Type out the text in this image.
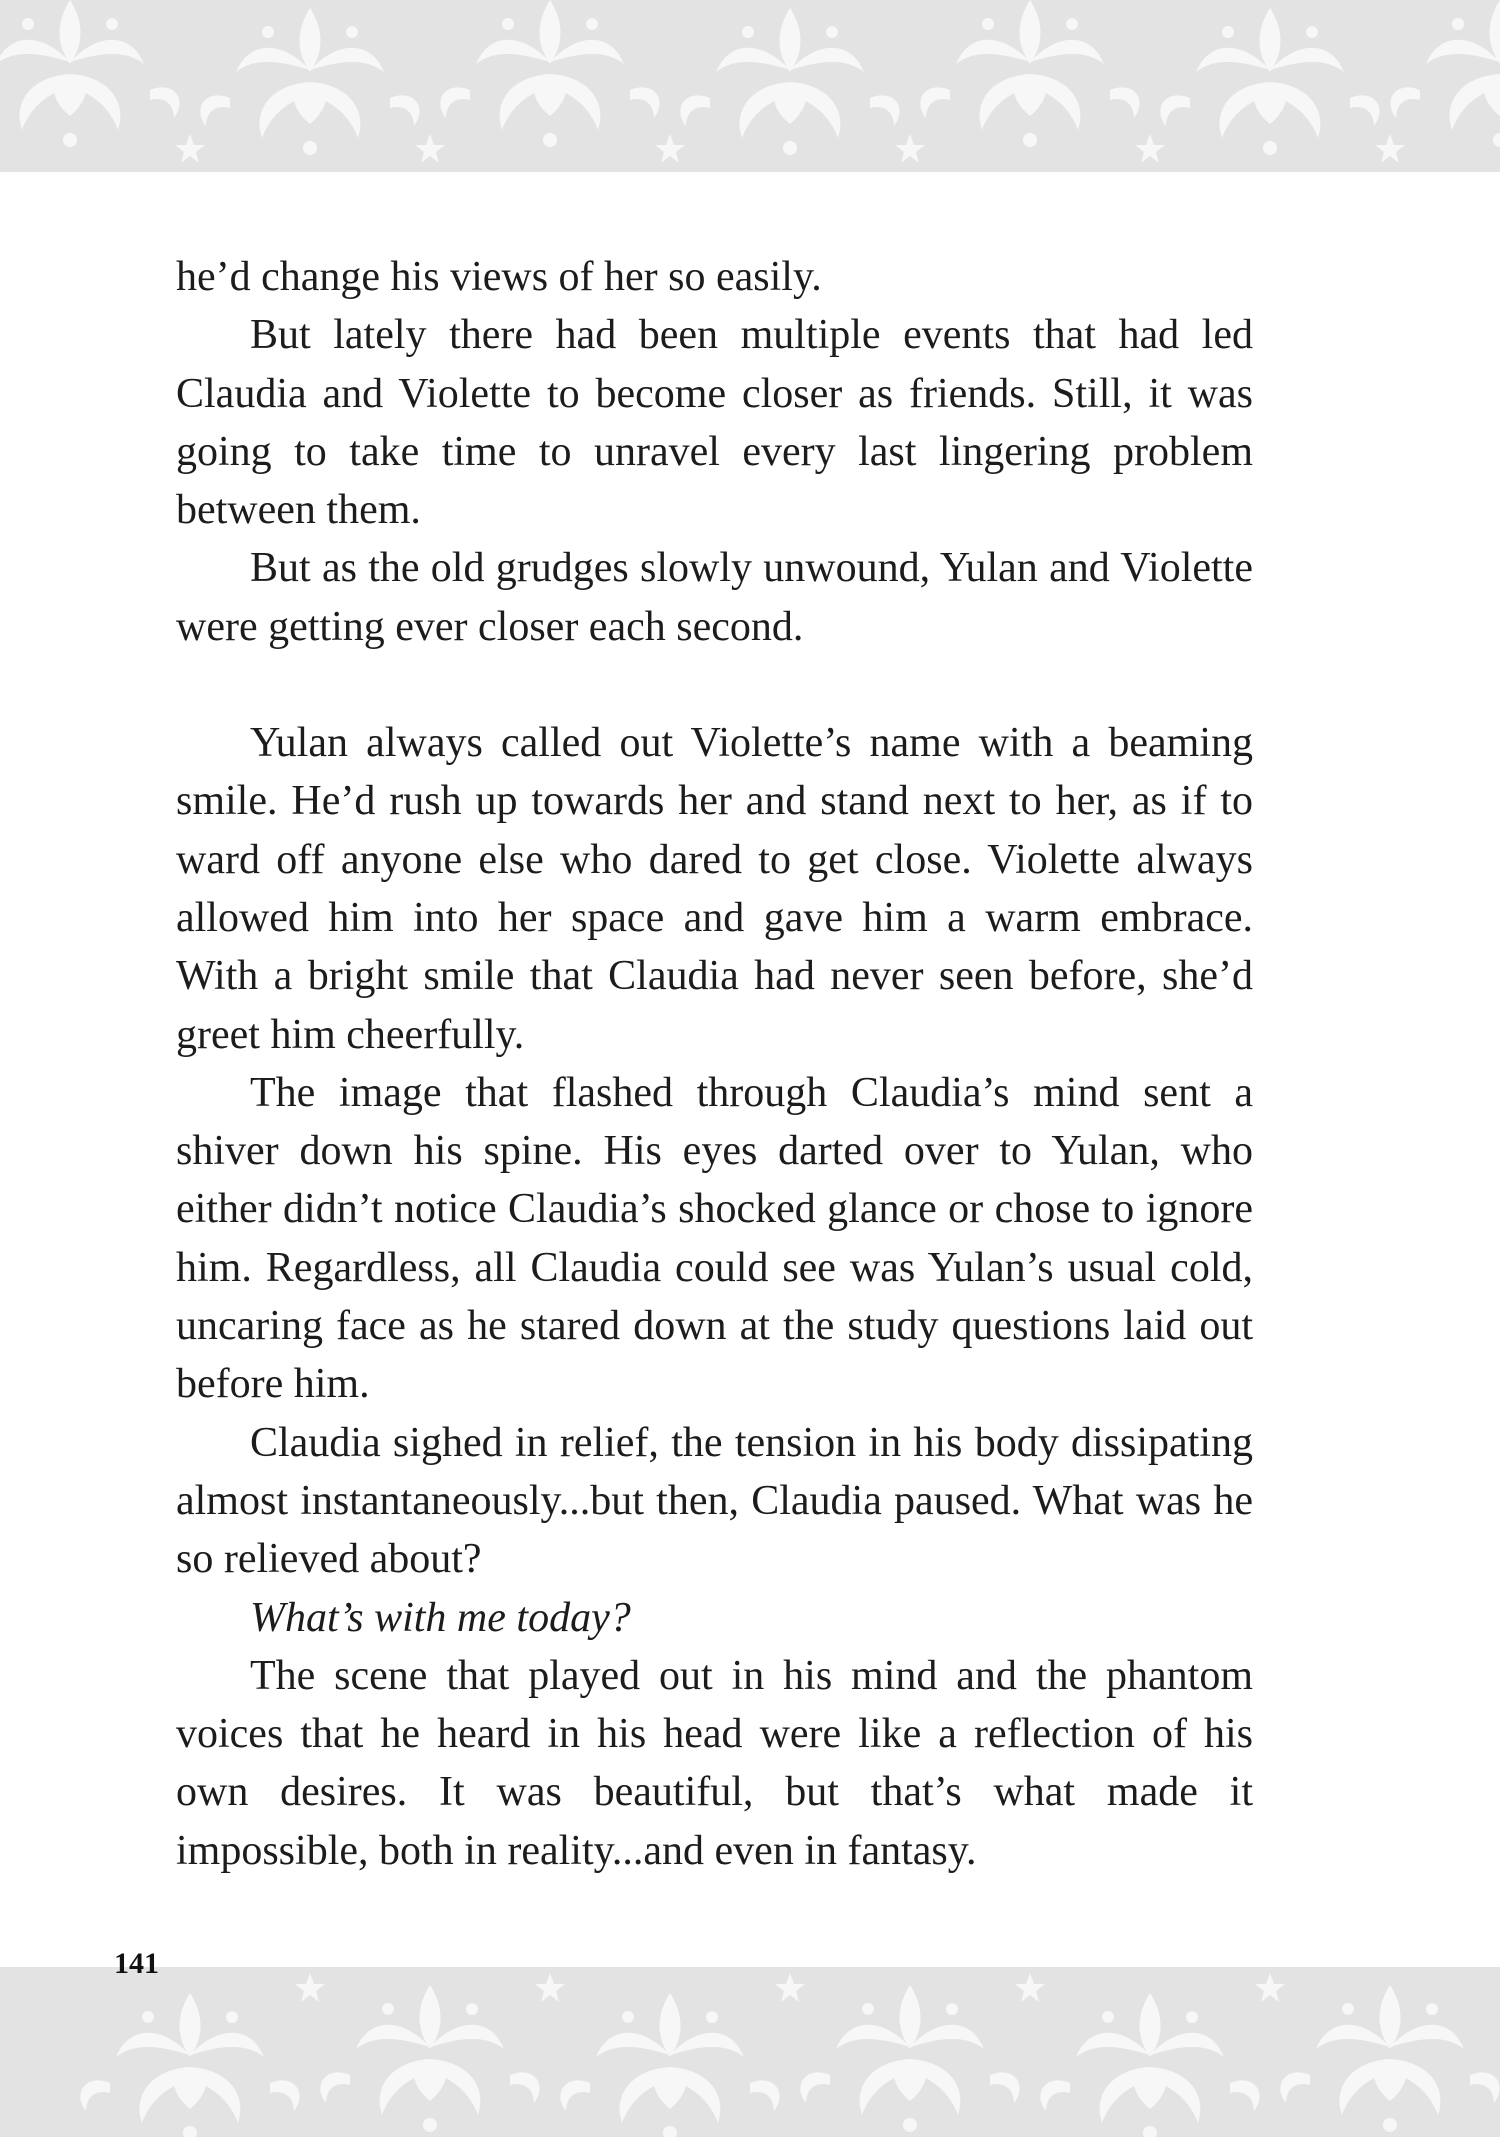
he’d change his views of her so easily.

But lately there had been multiple events that had led Claudia and Violette to become closer as friends. Still, it was going to take time to unravel every last lingering problem between them.

But as the old grudges slowly unwound, Yulan and Violette were getting ever closer each second.

Yulan always called out Violette’s name with a beaming smile. He’d rush up towards her and stand next to her, as if to ward off anyone else who dared to get close. Violette always allowed him into her space and gave him a warm embrace. With a bright smile that Claudia had never seen before, she’d greet him cheerfully.

The image that flashed through Claudia’s mind sent a shiver down his spine. His eyes darted over to Yulan, who either didn’t notice Claudia’s shocked glance or chose to ignore him. Regardless, all Claudia could see was Yulan’s usual cold, uncaring face as he stared down at the study questions laid out before him.

Claudia sighed in relief, the tension in his body dissipating almost instantaneously...but then, Claudia paused. What was he so relieved about?

What’s with me today?

The scene that played out in his mind and the phantom voices that he heard in his head were like a reflection of his own desires. It was beautiful, but that’s what made it impossible, both in reality...and even in fantasy.

141
